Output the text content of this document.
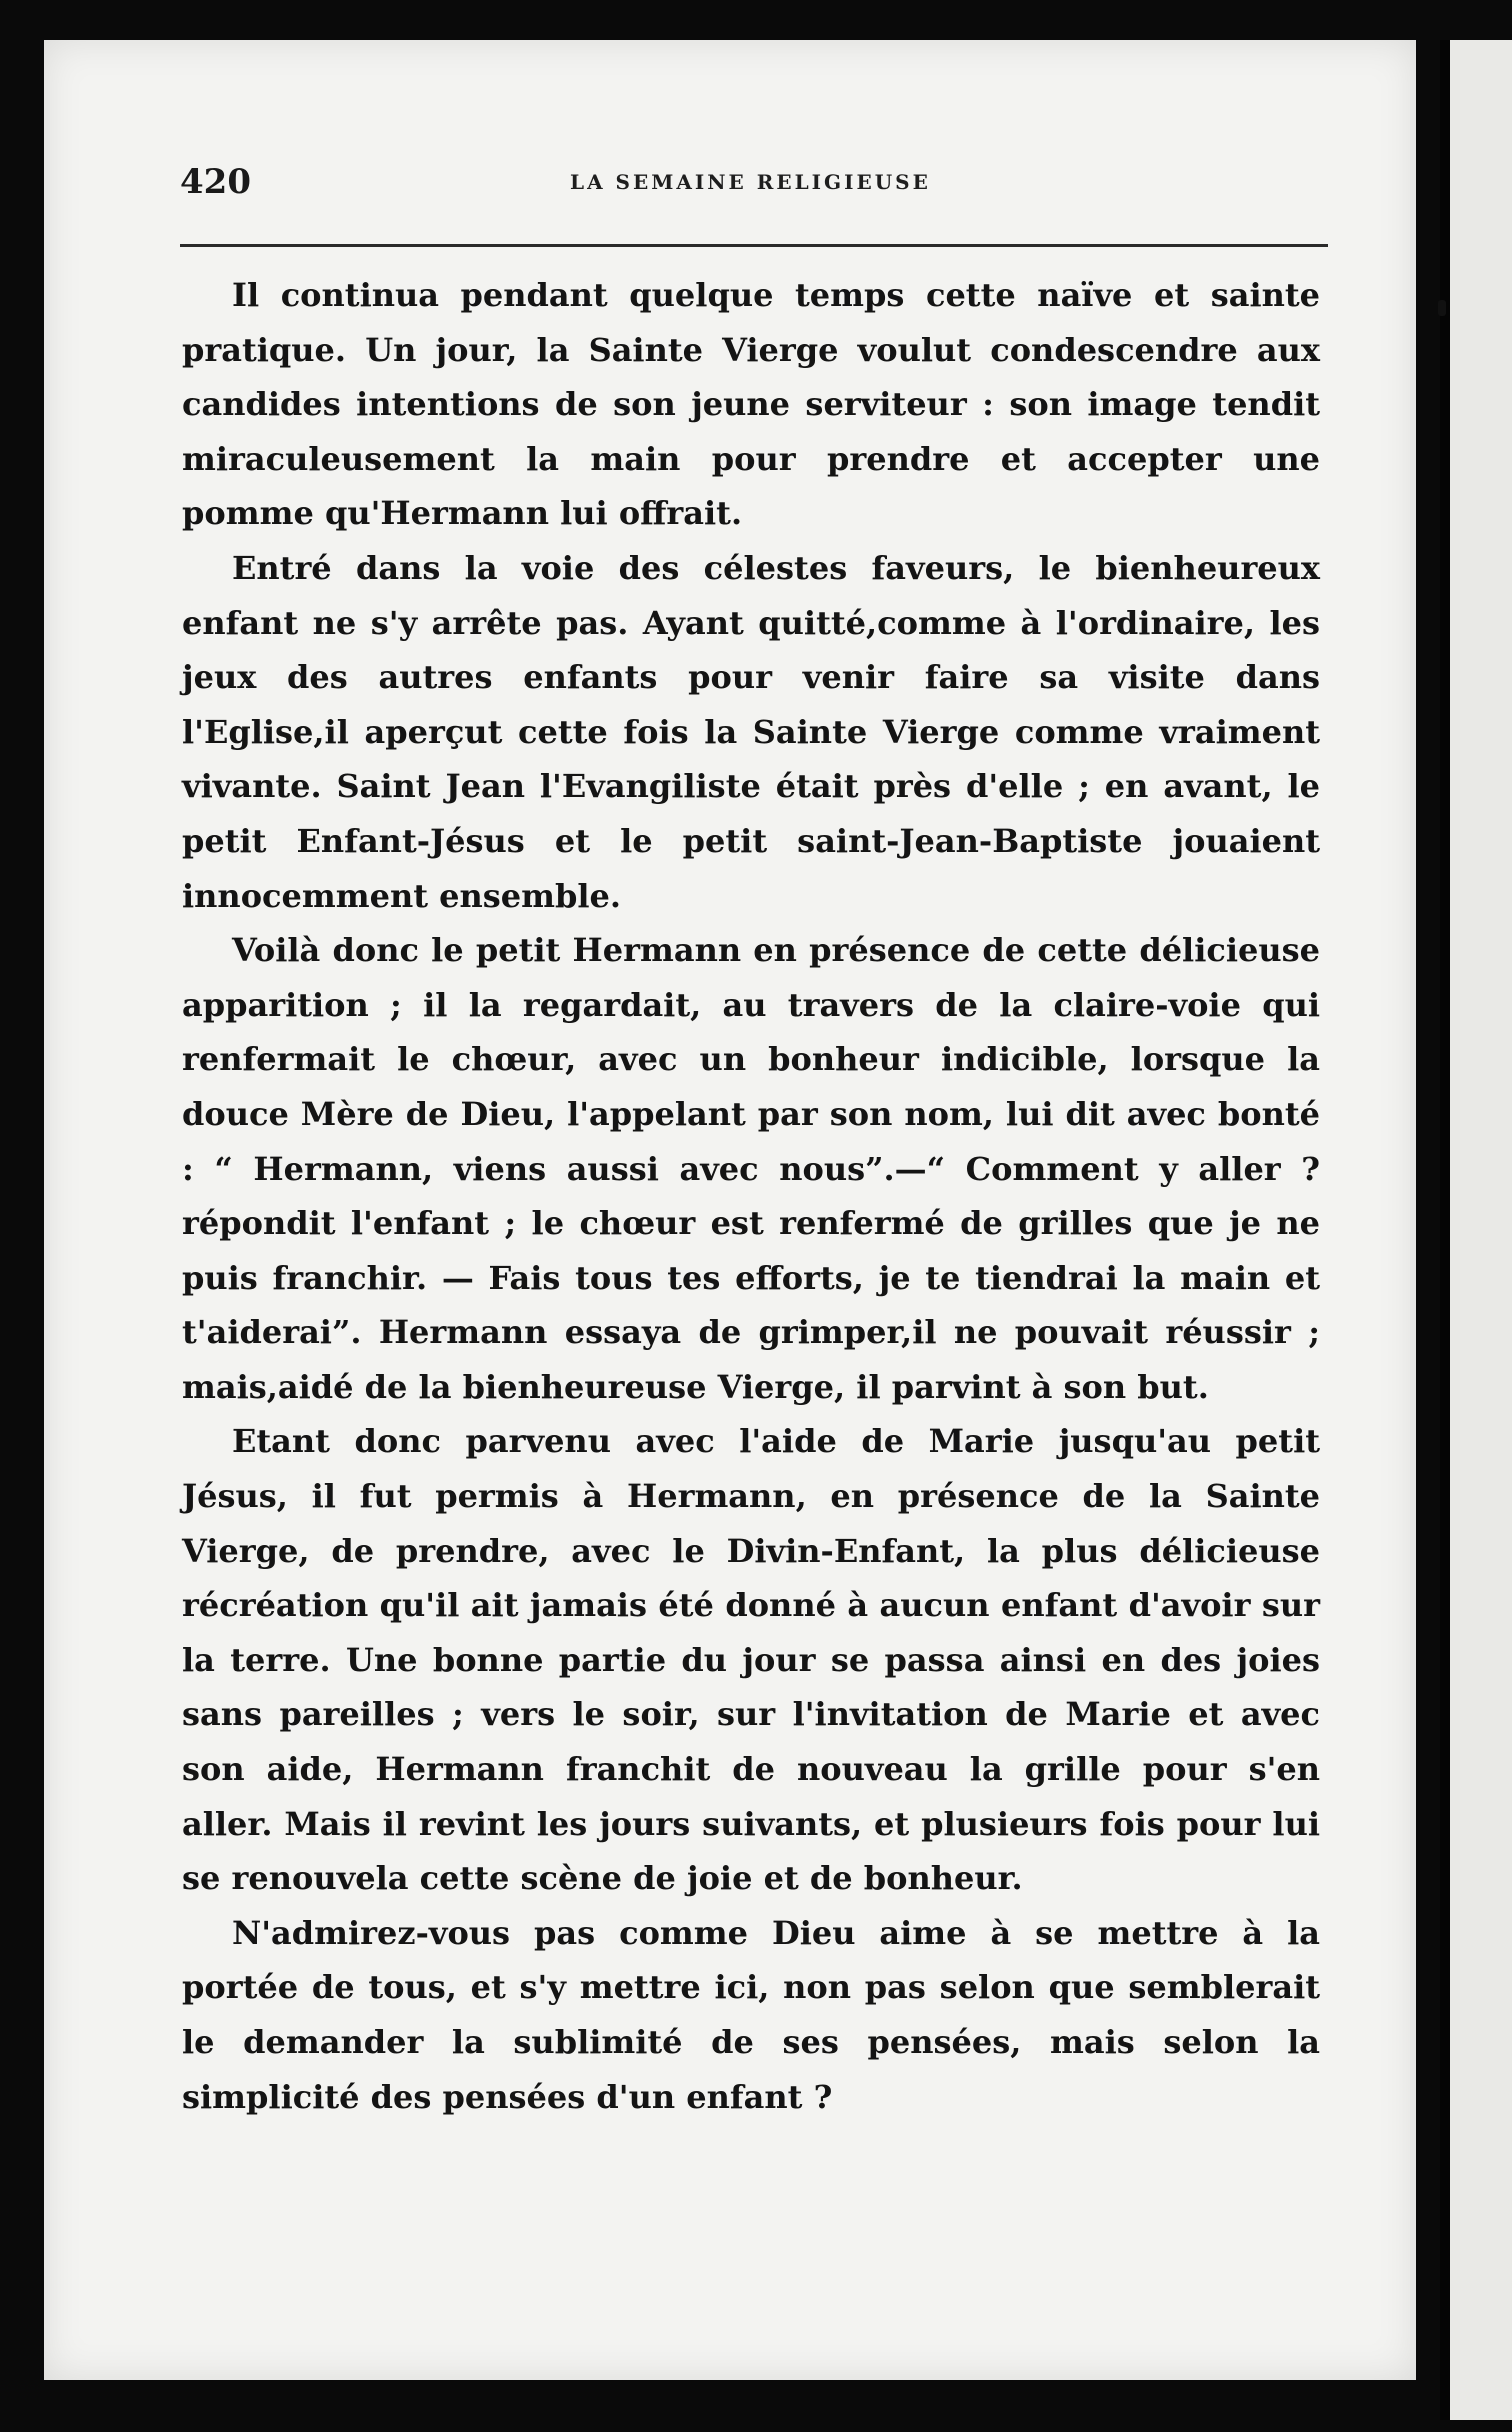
420	LA SEMAINE RELIGIEUSE

Il continua pendant quelque temps cette naïve et sainte pratique. Un jour, la Sainte Vierge voulut condescendre aux candides intentions de son jeune serviteur : son image tendit miraculeusement la main pour prendre et accepter une pomme qu'Hermann lui offrait.

Entré dans la voie des célestes faveurs, le bienheureux enfant ne s'y arrête pas. Ayant quitté,comme à l'ordinaire, les jeux des autres enfants pour venir faire sa visite dans l'Eglise,il aperçut cette fois la Sainte Vierge comme vraiment vivante. Saint Jean l'Evangiliste était près d'elle ; en avant, le petit Enfant-Jésus et le petit saint-Jean-Baptiste jouaient innocemment ensemble.

Voilà donc le petit Hermann en présence de cette délicieuse apparition ; il la regardait, au travers de la claire-voie qui renfermait le chœur, avec un bonheur indicible, lorsque la douce Mère de Dieu, l'appelant par son nom, lui dit avec bonté : “ Hermann, viens aussi avec nous”.—“ Comment y aller ? répondit l'enfant ; le chœur est renfermé de grilles que je ne puis franchir. — Fais tous tes efforts, je te tiendrai la main et t'aiderai”. Hermann essaya de grimper,il ne pouvait réussir ; mais,aidé de la bienheureuse Vierge, il parvint à son but.

Etant donc parvenu avec l'aide de Marie jusqu'au petit Jésus, il fut permis à Hermann, en présence de la Sainte Vierge, de prendre, avec le Divin-Enfant, la plus délicieuse récréation qu'il ait jamais été donné à aucun enfant d'avoir sur la terre. Une bonne partie du jour se passa ainsi en des joies sans pareilles ; vers le soir, sur l'invitation de Marie et avec son aide, Hermann franchit de nouveau la grille pour s'en aller. Mais il revint les jours suivants, et plusieurs fois pour lui se renouvela cette scène de joie et de bonheur.

N'admirez-vous pas comme Dieu aime à se mettre à la portée de tous, et s'y mettre ici, non pas selon que semblerait le demander la sublimité de ses pensées, mais selon la simplicité des pensées d'un enfant ?
